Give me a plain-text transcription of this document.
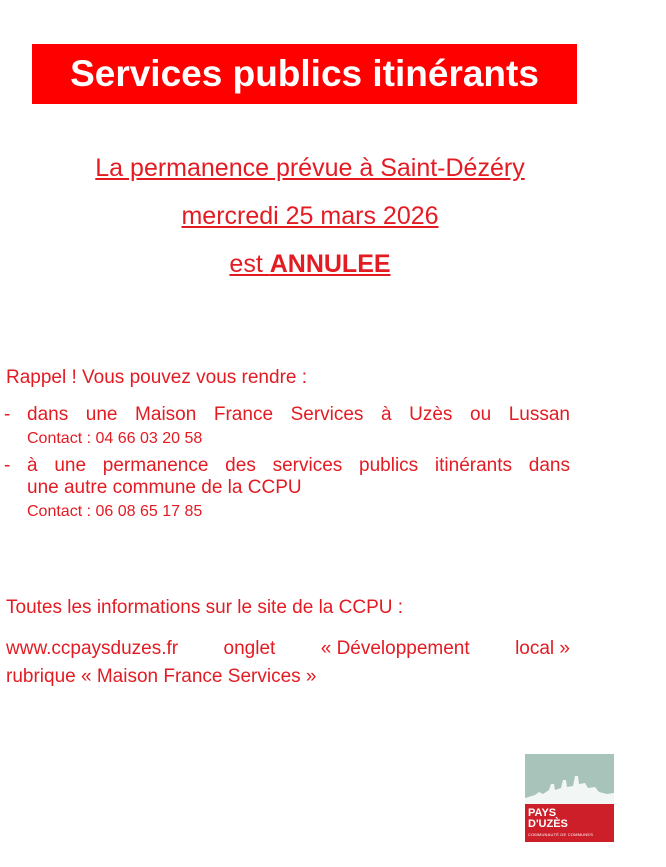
Services publics itinérants
La permanence prévue à Saint-Dézéry
mercredi 25 mars 2026
est ANNULEE
Rappel ! Vous pouvez vous rendre :
- dans une Maison France Services à Uzès ou Lussan
Contact : 04 66 03 20 58
- à une permanence des services publics itinérants dans
une autre commune de la CCPU
Contact : 06 08 65 17 85
Toutes les informations sur le site de la CCPU :
www.ccpaysduzes.fr onglet « Développement local »
rubrique « Maison France Services »
PAYS
D'UZÈS
COMMUNAUTÉ DE COMMUNES
